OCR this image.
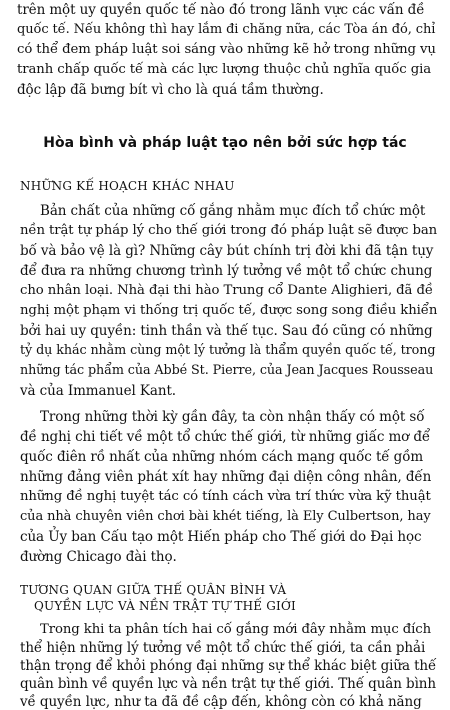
trên một uy quyền quốc tế nào đó trong lãnh vực các vấn đề
quốc tế. Nếu không thì hay lắm đi chăng nữa, các Tòa án đó, chỉ
có thể đem pháp luật soi sáng vào những kẽ hở trong những vụ
tranh chấp quốc tế mà các lực lượng thuộc chủ nghĩa quốc gia
độc lập đã bưng bít vì cho là quá tầm thường.
Hòa bình và pháp luật tạo nên bởi sức hợp tác
NHỮNG KẾ HOẠCH KHÁC NHAU
Bản chất của những cố gắng nhằm mục đích tổ chức một
nền trật tự pháp lý cho thế giới trong đó pháp luật sẽ được ban
bố và bảo vệ là gì? Những cây bút chính trị đời khi đã tận tụy
để đưa ra những chương trình lý tưởng về một tổ chức chung
cho nhân loại. Nhà đại thi hào Trung cổ Dante Alighieri, đã đề
nghị một phạm vi thống trị quốc tế, được song song điều khiển
bởi hai uy quyền: tinh thần và thế tục. Sau đó cũng có những
tỷ dụ khác nhằm cùng một lý tưởng là thẩm quyền quốc tế, trong
những tác phẩm của Abbé St. Pierre, của Jean Jacques Rousseau
và của Immanuel Kant.
Trong những thời kỳ gần đây, ta còn nhận thấy có một số
đề nghị chi tiết về một tổ chức thế giới, từ những giấc mơ để
quốc điên rồ nhất của những nhóm cách mạng quốc tế gồm
những đảng viên phát xít hay những đại diện công nhân, đến
những đề nghị tuyệt tác có tính cách vừa trí thức vừa kỹ thuật
của nhà chuyên viên chơi bài khét tiếng, là Ely Culbertson, hay
của Ủy ban Cấu tạo một Hiến pháp cho Thế giới do Đại học
đường Chicago đài thọ.
TƯƠNG QUAN GIỮA THẾ QUÂN BÌNH VÀ
QUYỀN LỰC VÀ NỀN TRẬT TỰ THẾ GIỚI
Trong khi ta phân tích hai cố gắng mới đây nhằm mục đích
thể hiện những lý tưởng về một tổ chức thế giới, ta cần phải
thận trọng để khỏi phóng đại những sự thể khác biệt giữa thế
quân bình về quyền lực và nền trật tự thế giới. Thế quân bình
về quyền lực, như ta đã đề cập đến, không còn có khả năng
